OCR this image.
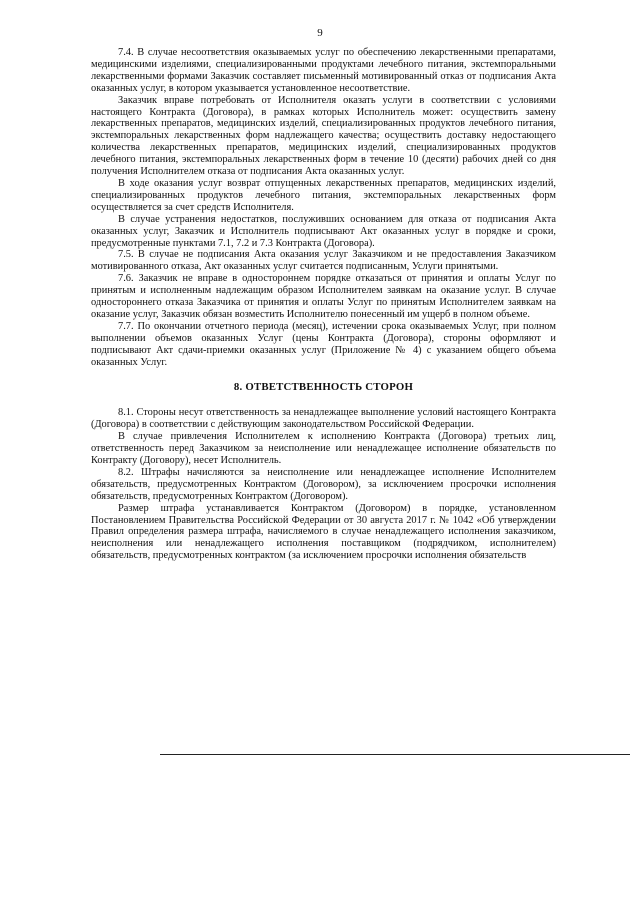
9

7.4. В случае несоответствия оказываемых услуг по обеспечению лекарственными препаратами, медицинскими изделиями, специализированными продуктами лечебного питания, экстемпоральными лекарственными формами Заказчик составляет письменный мотивированный отказ от подписания Акта оказанных услуг, в котором указывается установленное несоответствие.

Заказчик вправе потребовать от Исполнителя оказать услуги в соответствии с условиями настоящего Контракта (Договора), в рамках которых Исполнитель может: осуществить замену лекарственных препаратов, медицинских изделий, специализированных продуктов лечебного питания, экстемпоральных лекарственных форм надлежащего качества; осуществить доставку недостающего количества лекарственных препаратов, медицинских изделий, специализированных продуктов лечебного питания, экстемпоральных лекарственных форм в течение 10 (десяти) рабочих дней со дня получения Исполнителем отказа от подписания Акта оказанных услуг.

В ходе оказания услуг возврат отпущенных лекарственных препаратов, медицинских изделий, специализированных продуктов лечебного питания, экстемпоральных лекарственных форм осуществляется за счет средств Исполнителя.

В случае устранения недостатков, послуживших основанием для отказа от подписания Акта оказанных услуг, Заказчик и Исполнитель подписывают Акт оказанных услуг в порядке и сроки, предусмотренные пунктами 7.1, 7.2 и 7.3 Контракта (Договора).

7.5. В случае не подписания Акта оказания услуг Заказчиком и не предоставления Заказчиком мотивированного отказа, Акт оказанных услуг считается подписанным, Услуги принятыми.

7.6. Заказчик не вправе в одностороннем порядке отказаться от принятия и оплаты Услуг по принятым и исполненным надлежащим образом Исполнителем заявкам на оказание услуг. В случае одностороннего отказа Заказчика от принятия и оплаты Услуг по принятым Исполнителем заявкам на оказание услуг, Заказчик обязан возместить Исполнителю понесенный им ущерб в полном объеме.

7.7. По окончании отчетного периода (месяц), истечении срока оказываемых Услуг, при полном выполнении объемов оказанных Услуг (цены Контракта (Договора), стороны оформляют и подписывают Акт сдачи-приемки оказанных услуг (Приложение № 4) с указанием общего объема оказанных Услуг.

8. ОТВЕТСТВЕННОСТЬ СТОРОН

8.1. Стороны несут ответственность за ненадлежащее выполнение условий настоящего Контракта (Договора) в соответствии с действующим законодательством Российской Федерации.

В случае привлечения Исполнителем к исполнению Контракта (Договора) третьих лиц, ответственность перед Заказчиком за неисполнение или ненадлежащее исполнение обязательств по Контракту (Договору), несет Исполнитель.

8.2. Штрафы начисляются за неисполнение или ненадлежащее исполнение Исполнителем обязательств, предусмотренных Контрактом (Договором), за исключением просрочки исполнения обязательств, предусмотренных Контрактом (Договором).

Размер штрафа устанавливается Контрактом (Договором) в порядке, установленном Постановлением Правительства Российской Федерации от 30 августа 2017 г. № 1042 «Об утверждении Правил определения размера штрафа, начисляемого в случае ненадлежащего исполнения заказчиком, неисполнения или ненадлежащего исполнения поставщиком (подрядчиком, исполнителем) обязательств, предусмотренных контрактом (за исключением просрочки исполнения обязательств
